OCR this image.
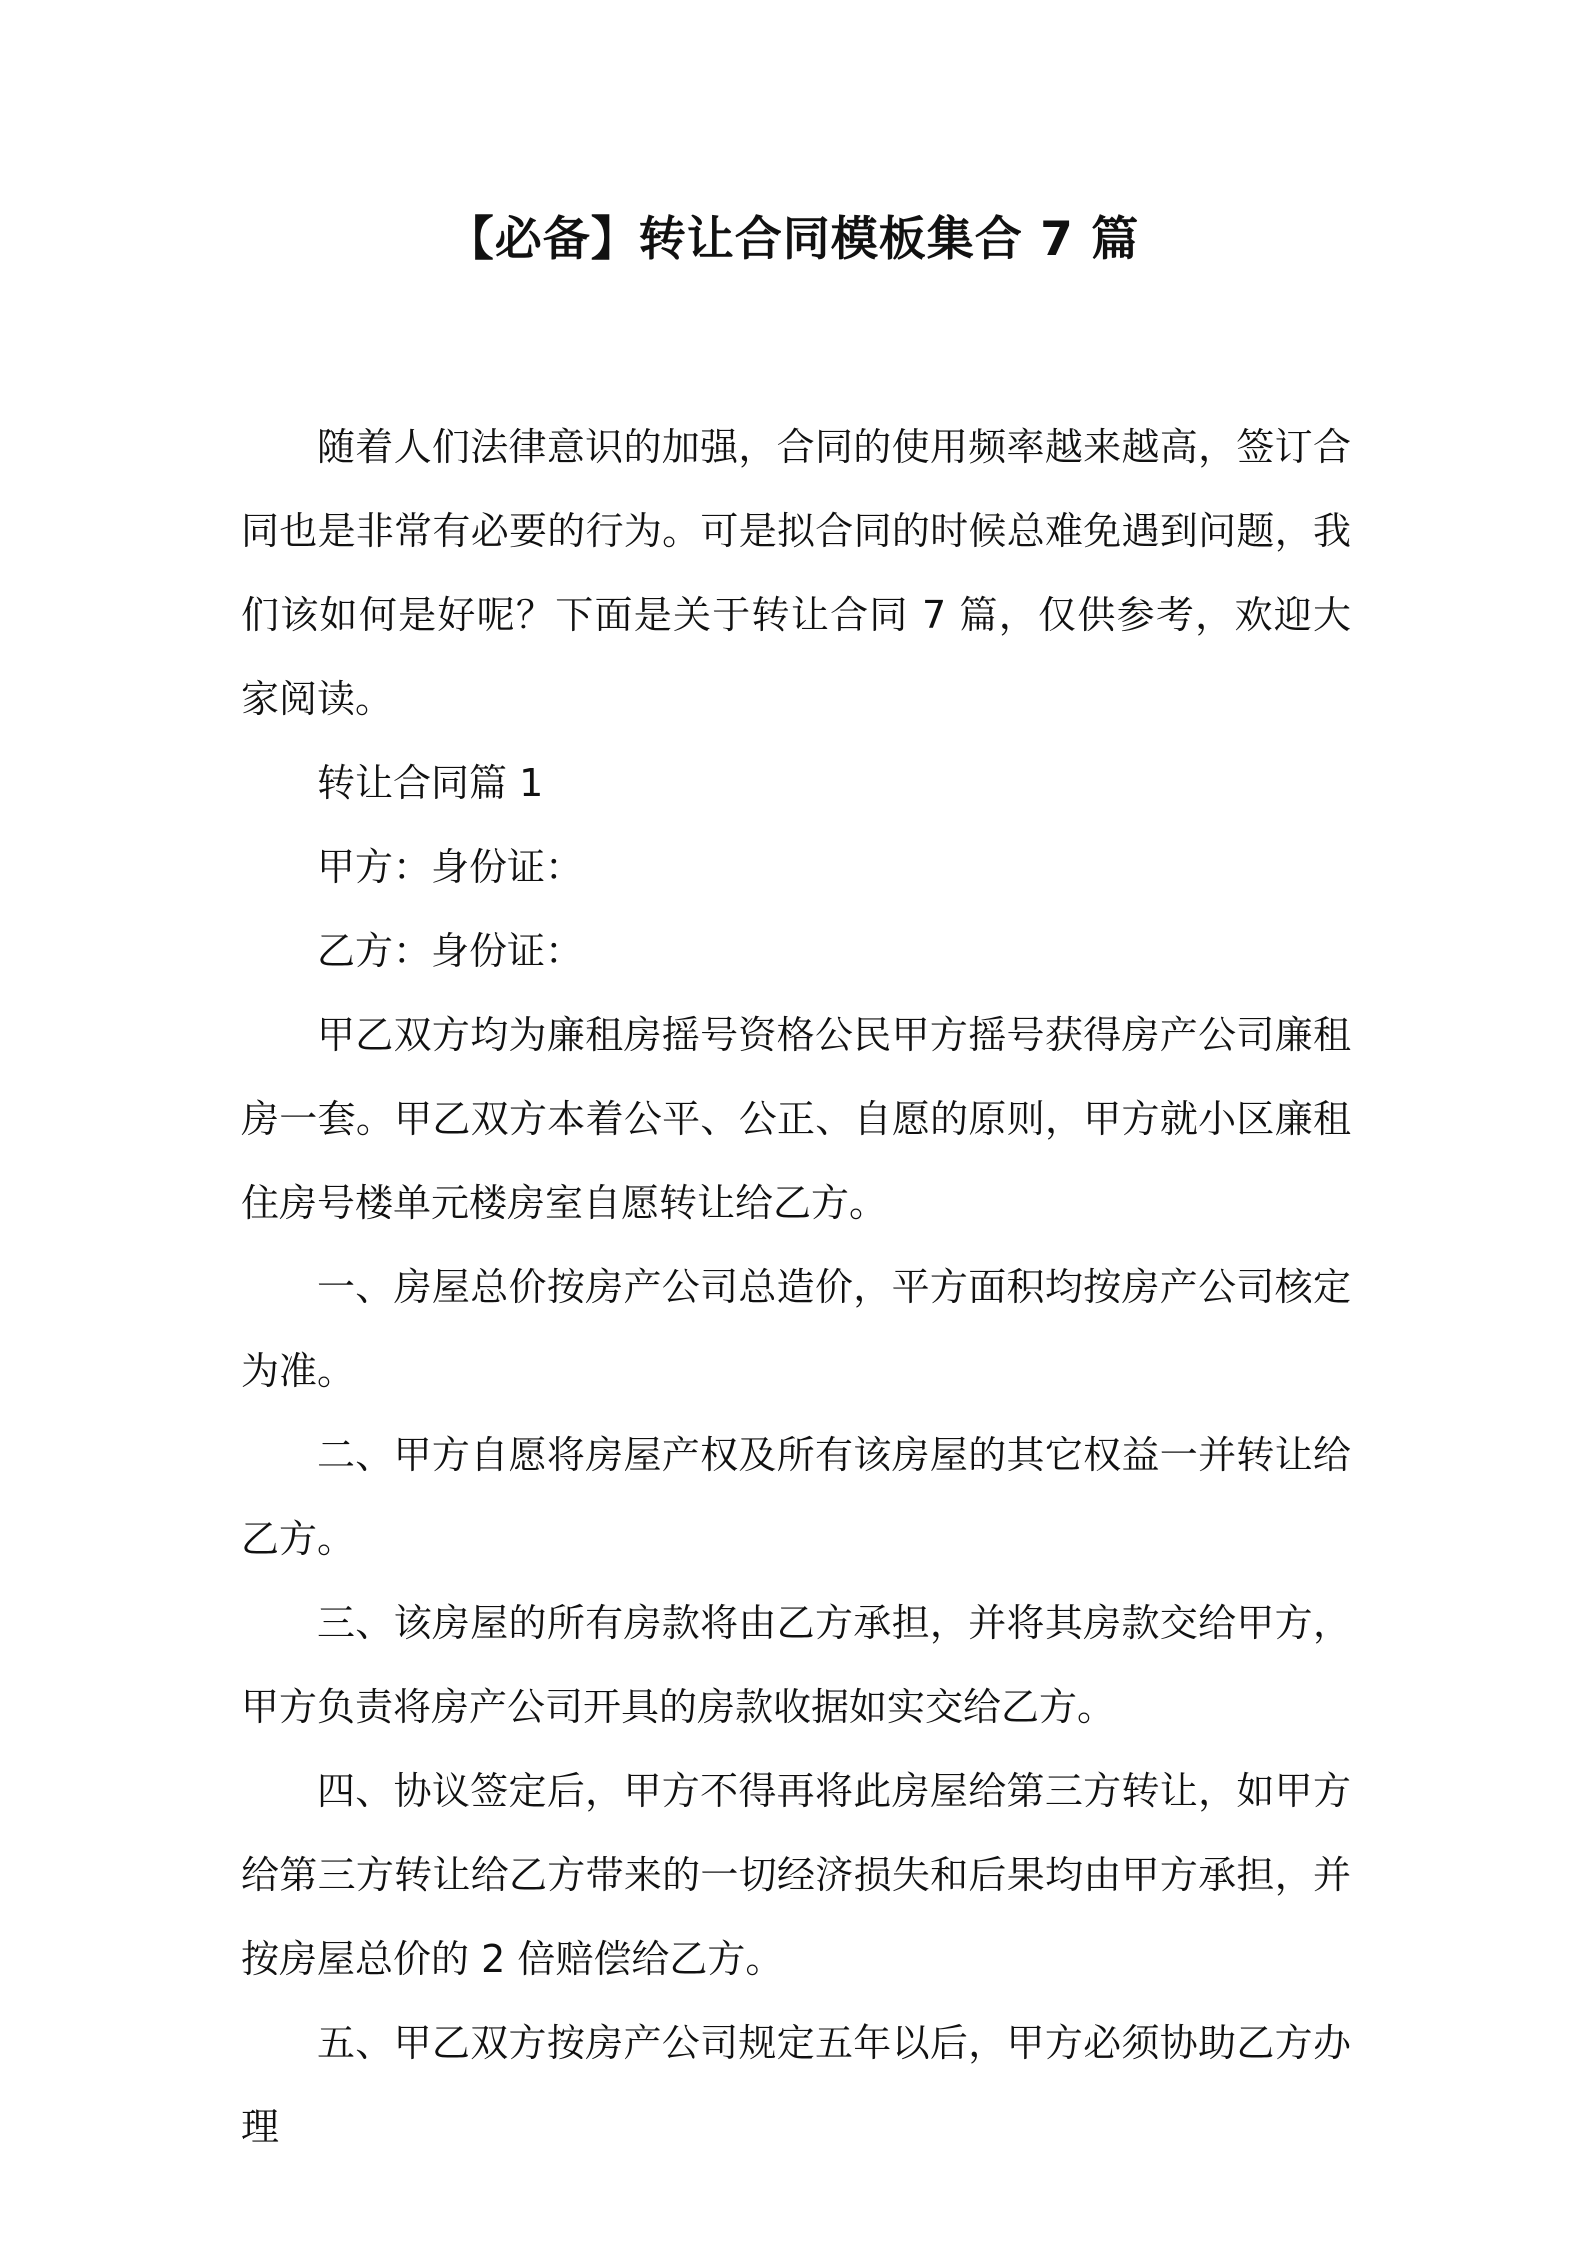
【必备】转让合同模板集合 7 篇

随着人们法律意识的加强，合同的使用频率越来越高，签订合同也是非常有必要的行为。可是拟合同的时候总难免遇到问题，我们该如何是好呢？下面是关于转让合同 7 篇，仅供参考，欢迎大家阅读。

转让合同篇 1

甲方：身份证：

乙方：身份证：

甲乙双方均为廉租房摇号资格公民甲方摇号获得房产公司廉租房一套。甲乙双方本着公平、公正、自愿的原则，甲方就小区廉租住房号楼单元楼房室自愿转让给乙方。

一、房屋总价按房产公司总造价，平方面积均按房产公司核定为准。

二、甲方自愿将房屋产权及所有该房屋的其它权益一并转让给乙方。

三、该房屋的所有房款将由乙方承担，并将其房款交给甲方，甲方负责将房产公司开具的房款收据如实交给乙方。

四、协议签定后，甲方不得再将此房屋给第三方转让，如甲方给第三方转让给乙方带来的一切经济损失和后果均由甲方承担，并按房屋总价的 2 倍赔偿给乙方。

五、甲乙双方按房产公司规定五年以后，甲方必须协助乙方办理
